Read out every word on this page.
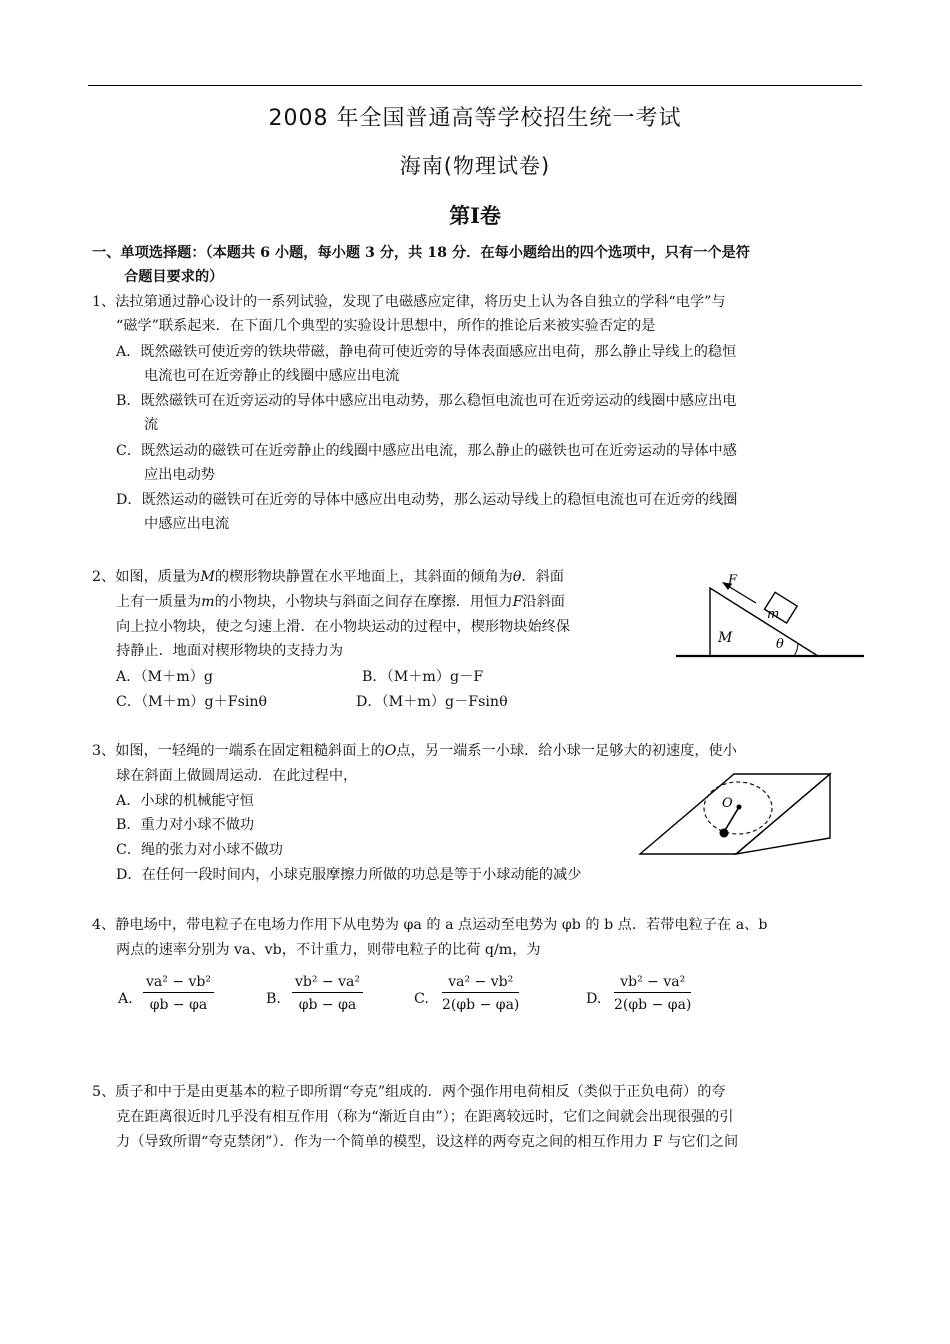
2008 年全国普通高等学校招生统一考试
海南(物理试卷)
第Ⅰ卷
一、单项选择题：（本题共 6 小题，每小题 3 分，共 18 分．在每小题给出的四个选项中，只有一个是符
合题目要求的）
1、法拉第通过静心设计的一系列试验，发现了电磁感应定律，将历史上认为各自独立的学科“电学”与
“磁学”联系起来．在下面几个典型的实验设计思想中，所作的推论后来被实验否定的是
A．既然磁铁可使近旁的铁块带磁，静电荷可使近旁的导体表面感应出电荷，那么静止导线上的稳恒
电流也可在近旁静止的线圈中感应出电流
B．既然磁铁可在近旁运动的导体中感应出电动势，那么稳恒电流也可在近旁运动的线圈中感应出电
流
C．既然运动的磁铁可在近旁静止的线圈中感应出电流，那么静止的磁铁也可在近旁运动的导体中感
应出电动势
D．既然运动的磁铁可在近旁的导体中感应出电动势，那么运动导线上的稳恒电流也可在近旁的线圈
中感应出电流
2、如图，质量为M的楔形物块静置在水平地面上，其斜面的倾角为θ．斜面
上有一质量为m的小物块，小物块与斜面之间存在摩擦．用恒力F沿斜面
向上拉小物块，使之匀速上滑．在小物块运动的过程中，楔形物块始终保
持静止．地面对楔形物块的支持力为
A．（M＋m）g	B．（M＋m）g－F
C．（M＋m）g＋Fsinθ	D．（M＋m）g－Fsinθ
F
m
M	θ
3、如图，一轻绳的一端系在固定粗糙斜面上的O点，另一端系一小球．给小球一足够大的初速度，使小
球在斜面上做圆周运动．在此过程中，
A．小球的机械能守恒
B．重力对小球不做功
C．绳的张力对小球不做功
D．在任何一段时间内，小球克服摩擦力所做的功总是等于小球动能的减少
O
4、静电场中，带电粒子在电场力作用下从电势为 φa 的 a 点运动至电势为 φb 的 b 点．若带电粒子在 a、b
两点的速率分别为 va、vb，不计重力，则带电粒子的比荷 q/m，为
A. $\frac{\text{va² − vb²}}{\varphi b - \varphi a}$	B. $\frac{\text{vb² − va²}}{\varphi b - \varphi a}$	C. $\frac{\text{va² − vb²}}{2(\varphi b - \varphi a)}$	D. $\frac{\text{vb² − va²}}{2(\varphi b - \varphi a)}$
5、质子和中于是由更基本的粒子即所谓“夸克”组成的．两个强作用电荷相反（类似于正负电荷）的夸
克在距离很近时几乎没有相互作用（称为“渐近自由”）；在距离较远时，它们之间就会出现很强的引
力（导致所谓“夸克禁闭”）．作为一个简单的模型，设这样的两夸克之间的相互作用力 F 与它们之间
